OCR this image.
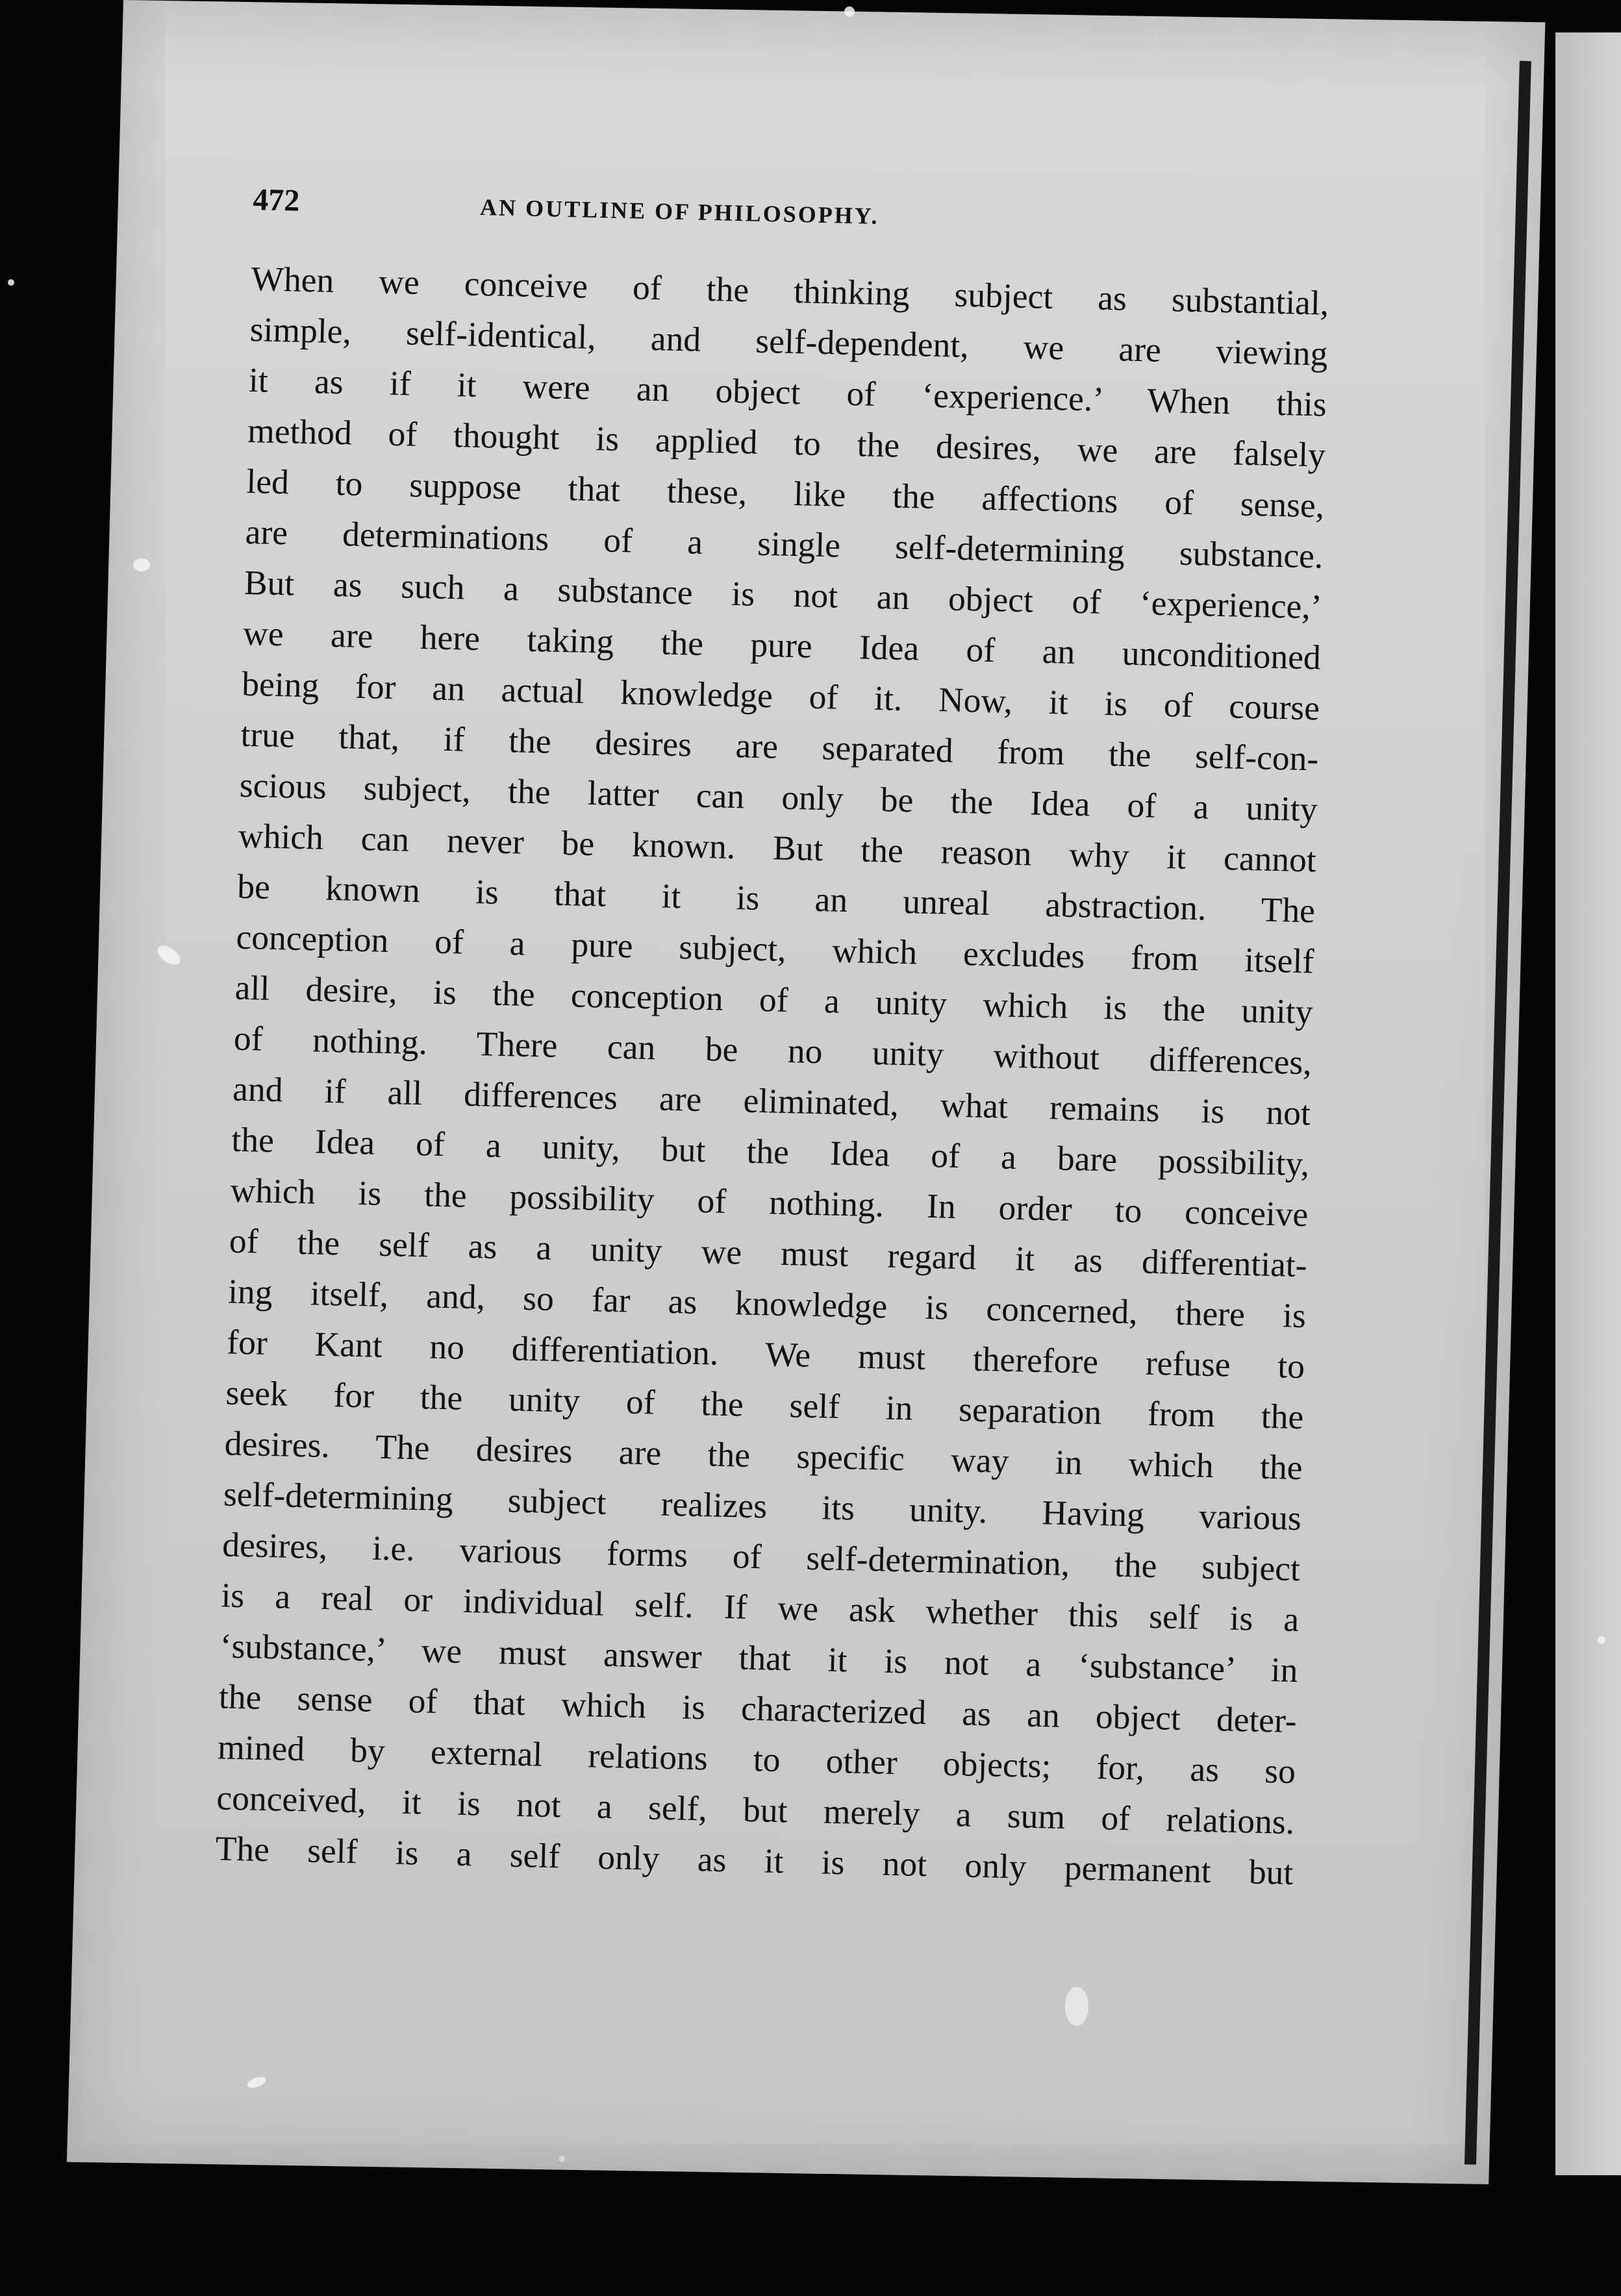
472	AN OUTLINE OF PHILOSOPHY.
When we conceive of the thinking subject as substantial,
simple, self-identical, and self-dependent, we are viewing
it as if it were an object of ‘experience.’ When this
method of thought is applied to the desires, we are falsely
led to suppose that these, like the affections of sense,
are determinations of a single self-determining substance.
But as such a substance is not an object of ‘experience,’
we are here taking the pure Idea of an unconditioned
being for an actual knowledge of it. Now, it is of course
true that, if the desires are separated from the self-con-
scious subject, the latter can only be the Idea of a unity
which can never be known. But the reason why it cannot
be known is that it is an unreal abstraction. The
conception of a pure subject, which excludes from itself
all desire, is the conception of a unity which is the unity
of nothing. There can be no unity without differences,
and if all differences are eliminated, what remains is not
the Idea of a unity, but the Idea of a bare possibility,
which is the possibility of nothing. In order to conceive
of the self as a unity we must regard it as differentiat-
ing itself, and, so far as knowledge is concerned, there is
for Kant no differentiation. We must therefore refuse to
seek for the unity of the self in separation from the
desires. The desires are the specific way in which the
self-determining subject realizes its unity. Having various
desires, i.e. various forms of self-determination, the subject
is a real or individual self. If we ask whether this self is a
‘substance,’ we must answer that it is not a ‘substance’ in
the sense of that which is characterized as an object deter-
mined by external relations to other objects; for, as so
conceived, it is not a self, but merely a sum of relations.
The self is a self only as it is not only permanent but
